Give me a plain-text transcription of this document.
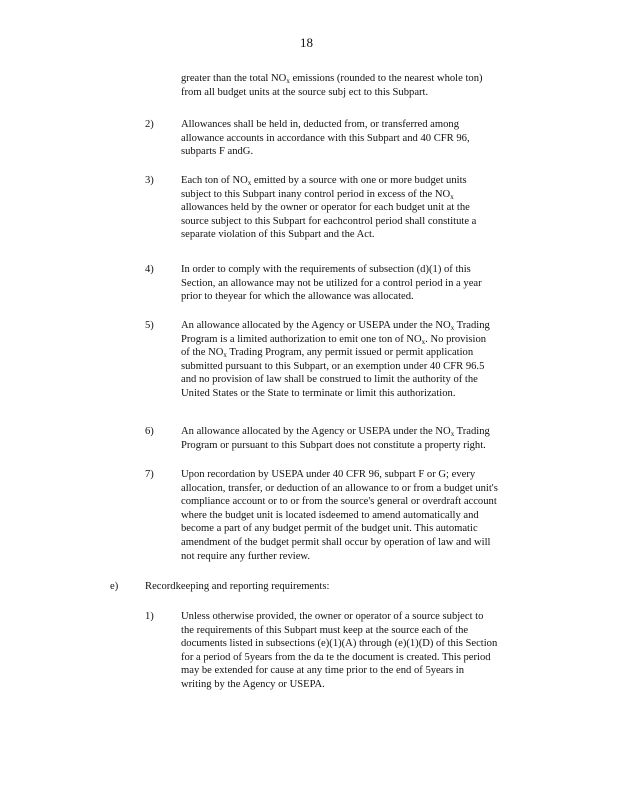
18
greater than the total $NO_x$ emissions (rounded to the nearest whole ton)
from all budget units at the source subj ect to this Subpart.
2)	Allowances shall be held in, deducted from, or transferred among
allowance accounts in accordance with this Subpart and 40 CFR 96,
subparts F andG.
3)	Each ton of $NO_x$ emitted by a source with one or more budget units
subject to this Subpart inany control period in excess of the $NO_x$
allowances held by the owner or operator for each budget unit at the
source subject to this Subpart for eachcontrol period shall constitute a
separate violation of this Subpart and the Act.
4)	In order to comply with the requirements of subsection (d)(1) of this
Section, an allowance may not be utilized for a control period in a year
prior to theyear for which the allowance was allocated.
5)	An allowance allocated by the Agency or USEPA under the $NO_x$ Trading
Program is a limited authorization to emit one ton of $NO_x$. No provision
of the $NO_x$ Trading Program, any permit issued or permit application
submitted pursuant to this Subpart, or an exemption under 40 CFR 96.5
and no provision of law shall be construed to limit the authority of the
United States or the State to terminate or limit this authorization.
6)	An allowance allocated by the Agency or USEPA under the $NO_x$ Trading
Program or pursuant to this Subpart does not constitute a property right.
7)	Upon recordation by USEPA under 40 CFR 96, subpart F or G; every
allocation, transfer, or deduction of an allowance to or from a budget unit's
compliance account or to or from the source's general or overdraft account
where the budget unit is located isdeemed to amend automatically and
become a part of any budget permit of the budget unit. This automatic
amendment of the budget permit shall occur by operation of law and will
not require any further review.
e)	Recordkeeping and reporting requirements:
1)	Unless otherwise provided, the owner or operator of a source subject to
the requirements of this Subpart must keep at the source each of the
documents listed in subsections (e)(1)(A) through (e)(1)(D) of this Section
for a period of 5years from the da te the document is created. This period
may be extended for cause at any time prior to the end of 5years in
writing by the Agency or USEPA.
